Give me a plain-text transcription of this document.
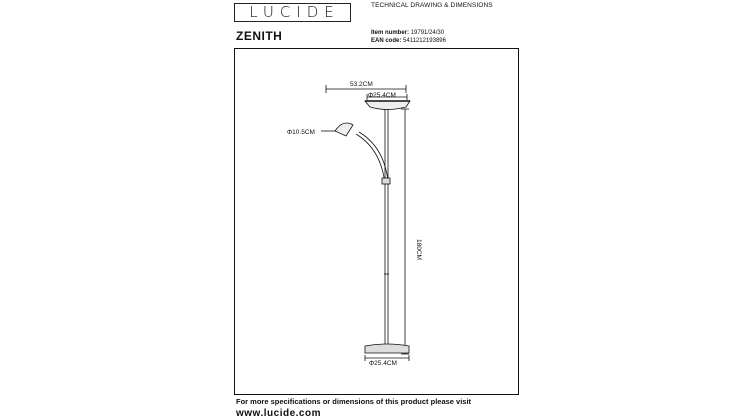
LUCIDE	TECHNICAL DRAWING & DIMENSIONS
ZENITH	Item number: 19791/24/30
EAN code: 5411212193896
53.2CM
Φ25.4CM
Φ10.5CM
180CM
Φ25.4CM
For more specifications or dimensions of this product please visit
www.lucide.com
